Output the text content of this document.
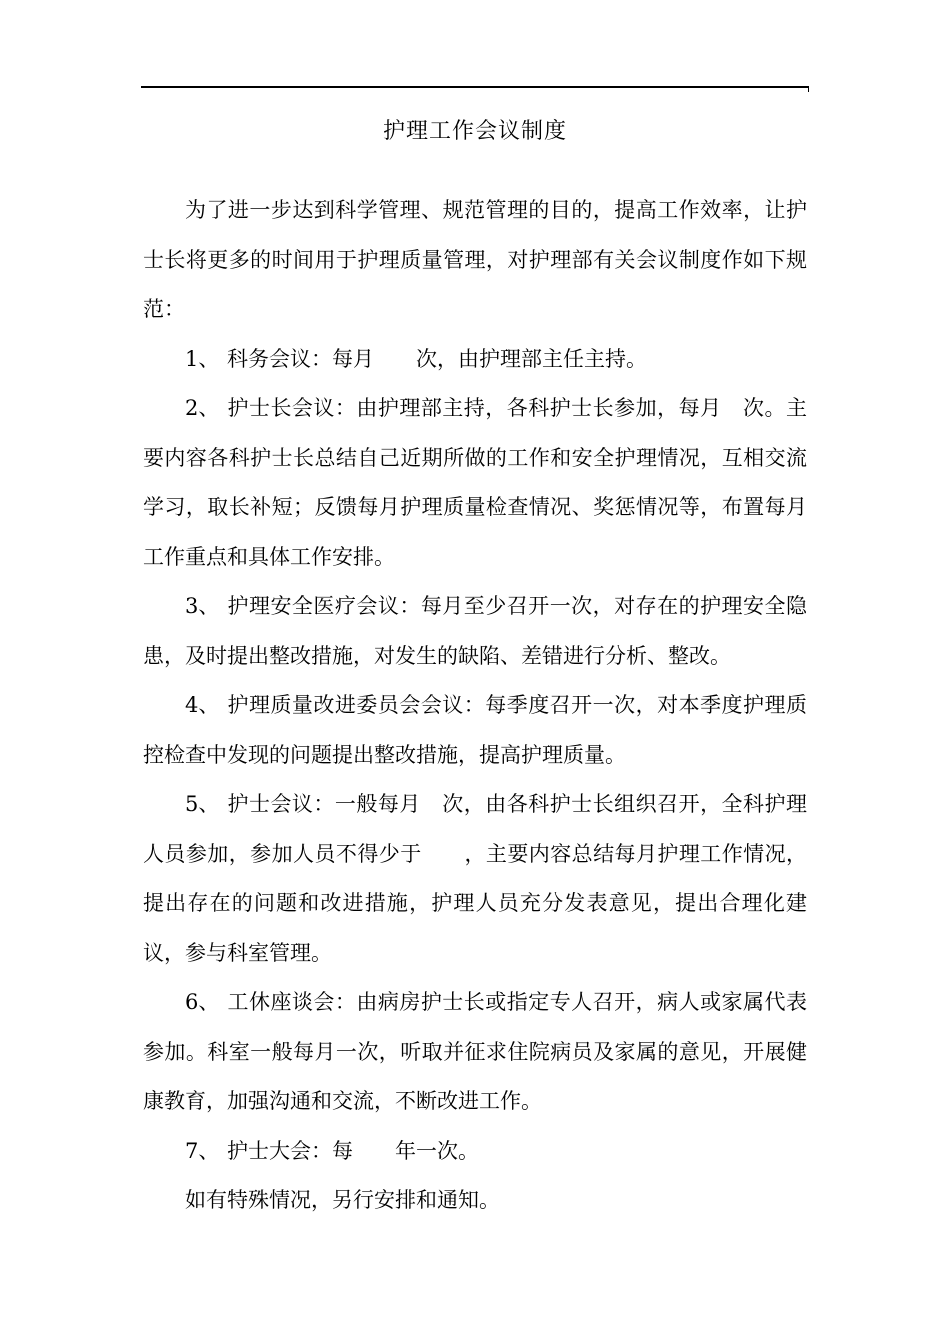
护理工作会议制度

为了进一步达到科学管理、规范管理的目的，提高工作效率，让护士长将更多的时间用于护理质量管理，对护理部有关会议制度作如下规范：

1、 科务会议：每月　　次，由护理部主任主持。

2、 护士长会议：由护理部主持，各科护士长参加，每月　次。主要内容各科护士长总结自己近期所做的工作和安全护理情况，互相交流学习，取长补短；反馈每月护理质量检查情况、奖惩情况等，布置每月工作重点和具体工作安排。

3、 护理安全医疗会议：每月至少召开一次，对存在的护理安全隐患，及时提出整改措施，对发生的缺陷、差错进行分析、整改。

4、 护理质量改进委员会会议：每季度召开一次，对本季度护理质控检查中发现的问题提出整改措施，提高护理质量。

5、 护士会议：一般每月　次，由各科护士长组织召开，全科护理人员参加，参加人员不得少于　　，主要内容总结每月护理工作情况，提出存在的问题和改进措施，护理人员充分发表意见，提出合理化建议，参与科室管理。

6、 工休座谈会：由病房护士长或指定专人召开，病人或家属代表参加。科室一般每月一次，听取并征求住院病员及家属的意见，开展健康教育，加强沟通和交流，不断改进工作。

7、 护士大会：每　　年一次。

如有特殊情况，另行安排和通知。
